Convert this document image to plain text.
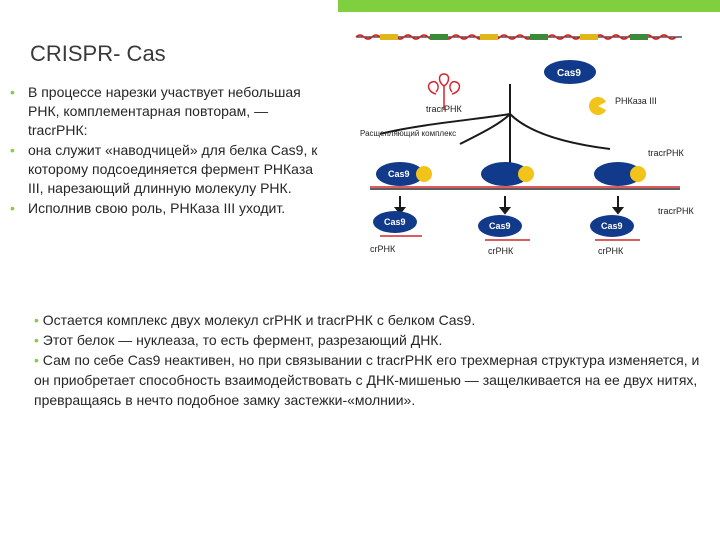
CRISPR- Cas
• В процессе нарезки участвует небольшая РНК, комплементарная повторам, — tracrРНК:
• она служит «наводчицей» для белка Cas9, к которому подсоединяется фермент РНКаза III, нарезающий длинную молекулу РНК.
• Исполнив свою роль, РНКаза III уходит.
tracrРНК
Cas9
РНКаза III
Расщепляющий комплекс
tracrРНК
Cas9
tracrРНК
Cas9	Cas9	Cas9
crРНК	crРНК	crРНК

• Остается комплекс двух молекул crРНК и tracrРНК с белком Cas9.

• Этот белок — нуклеаза, то есть фермент, разрезающий ДНК.

• Сам по себе Cas9 неактивен, но при связывании с tracrРНК его трехмерная структура изменяется, и он приобретает способность взаимодействовать с ДНК-мишенью — защелкивается на ее двух нитях, превращаясь в нечто подобное замку застежки-«молнии».
